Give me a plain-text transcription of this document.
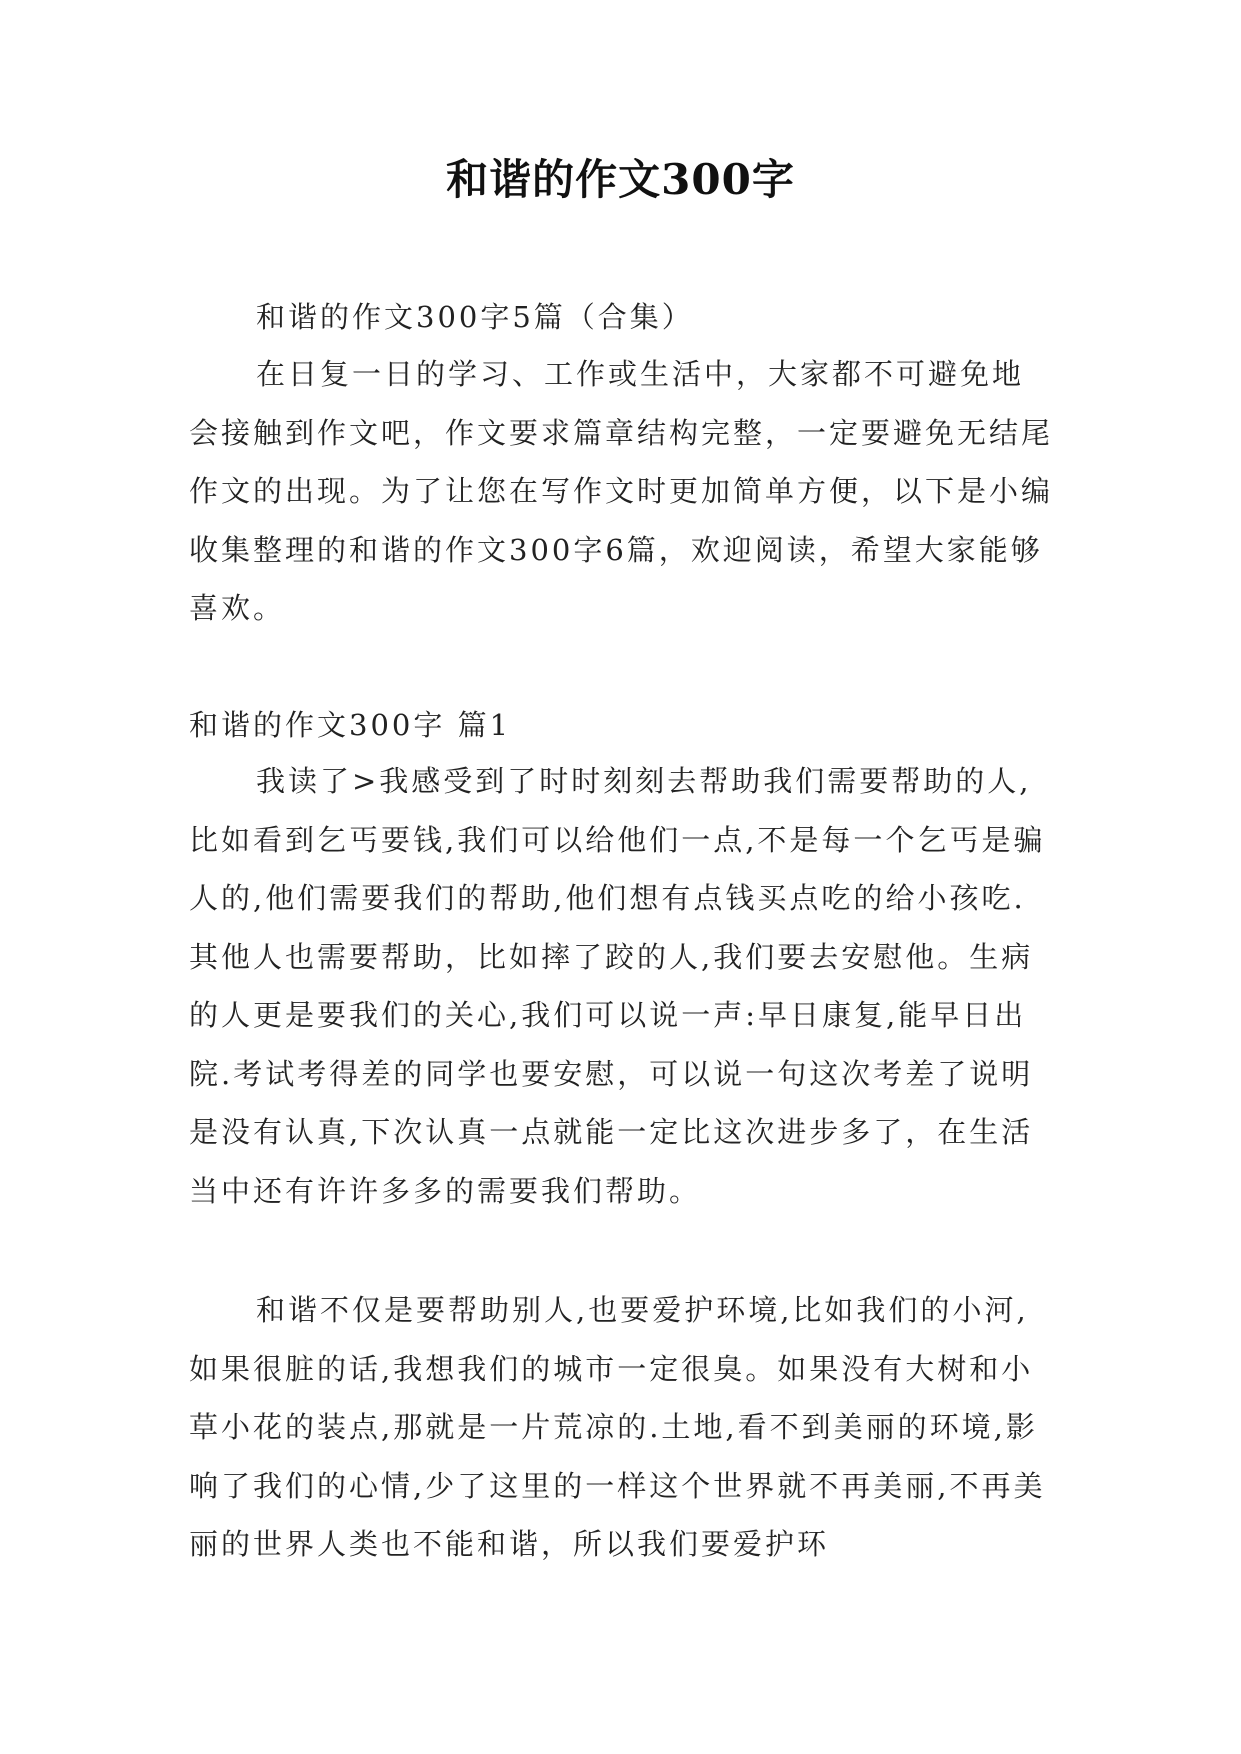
和谐的作文300字

和谐的作文300字5篇（合集）

在日复一日的学习、工作或生活中，大家都不可避免地会接触到作文吧，作文要求篇章结构完整，一定要避免无结尾作文的出现。为了让您在写作文时更加简单方便，以下是小编收集整理的和谐的作文300字6篇，欢迎阅读，希望大家能够喜欢。

和谐的作文300字 篇1

我读了>我感受到了时时刻刻去帮助我们需要帮助的人,比如看到乞丐要钱,我们可以给他们一点,不是每一个乞丐是骗人的,他们需要我们的帮助,他们想有点钱买点吃的给小孩吃.其他人也需要帮助，比如摔了跤的人,我们要去安慰他。生病的人更是要我们的关心,我们可以说一声:早日康复,能早日出院.考试考得差的同学也要安慰，可以说一句这次考差了说明是没有认真,下次认真一点就能一定比这次进步多了，在生活当中还有许许多多的需要我们帮助。

和谐不仅是要帮助别人,也要爱护环境,比如我们的小河,如果很脏的话,我想我们的城市一定很臭。如果没有大树和小草小花的装点,那就是一片荒凉的.土地,看不到美丽的环境,影响了我们的心情,少了这里的一样这个世界就不再美丽,不再美丽的世界人类也不能和谐，所以我们要爱护环
